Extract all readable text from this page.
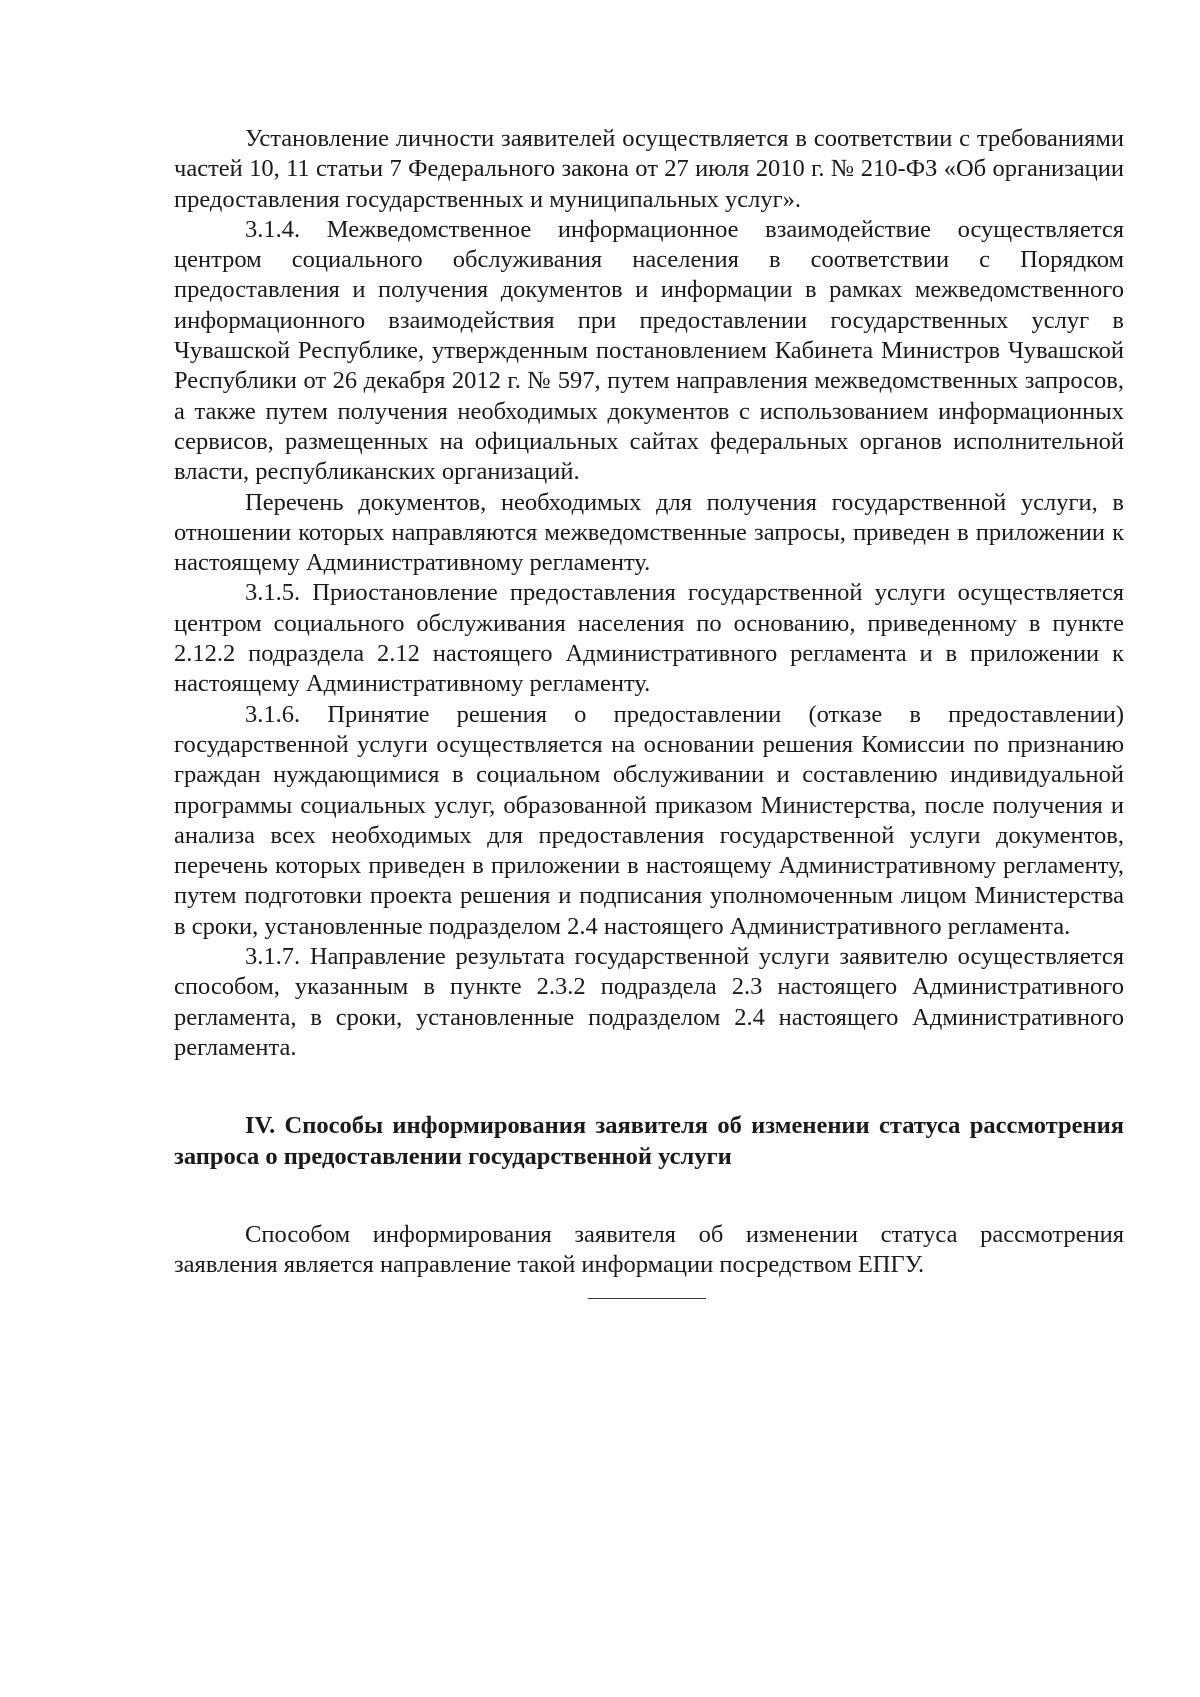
Установление личности заявителей осуществляется в соответствии с требованиями частей 10, 11 статьи 7 Федерального закона от 27 июля 2010 г. № 210-ФЗ «Об организации предоставления государственных и муниципальных услуг».

3.1.4. Межведомственное информационное взаимодействие осуществляется центром социального обслуживания населения в соответствии с Порядком предоставления и получения документов и информации в рамках межведомственного информационного взаимодействия при предоставлении государственных услуг в Чувашской Республике, утвержденным постановлением Кабинета Министров Чувашской Республики от 26 декабря 2012 г. № 597, путем направления межведомственных запросов, а также путем получения необходимых документов с использованием информационных сервисов, размещенных на официальных сайтах федеральных органов исполнительной власти, республиканских организаций.

Перечень документов, необходимых для получения государственной услуги, в отношении которых направляются межведомственные запросы, приведен в приложении к настоящему Административному регламенту.

3.1.5. Приостановление предоставления государственной услуги осуществляется центром социального обслуживания населения по основанию, приведенному в пункте 2.12.2 подраздела 2.12 настоящего Административного регламента и в приложении к настоящему Административному регламенту.

3.1.6. Принятие решения о предоставлении (отказе в предоставлении) государственной услуги осуществляется на основании решения Комиссии по признанию граждан нуждающимися в социальном обслуживании и составлению индивидуальной программы социальных услуг, образованной приказом Министерства, после получения и анализа всех необходимых для предоставления государственной услуги документов, перечень которых приведен в приложении в настоящему Административному регламенту, путем подготовки проекта решения и подписания уполномоченным лицом Министерства в сроки, установленные подразделом 2.4 настоящего Административного регламента.

3.1.7. Направление результата государственной услуги заявителю осуществляется способом, указанным в пункте 2.3.2 подраздела 2.3 настоящего Административного регламента, в сроки, установленные подразделом 2.4 настоящего Административного регламента.

IV. Способы информирования заявителя об изменении статуса рассмотрения запроса о предоставлении государственной услуги

Способом информирования заявителя об изменении статуса рассмотрения заявления является направление такой информации посредством ЕПГУ.
